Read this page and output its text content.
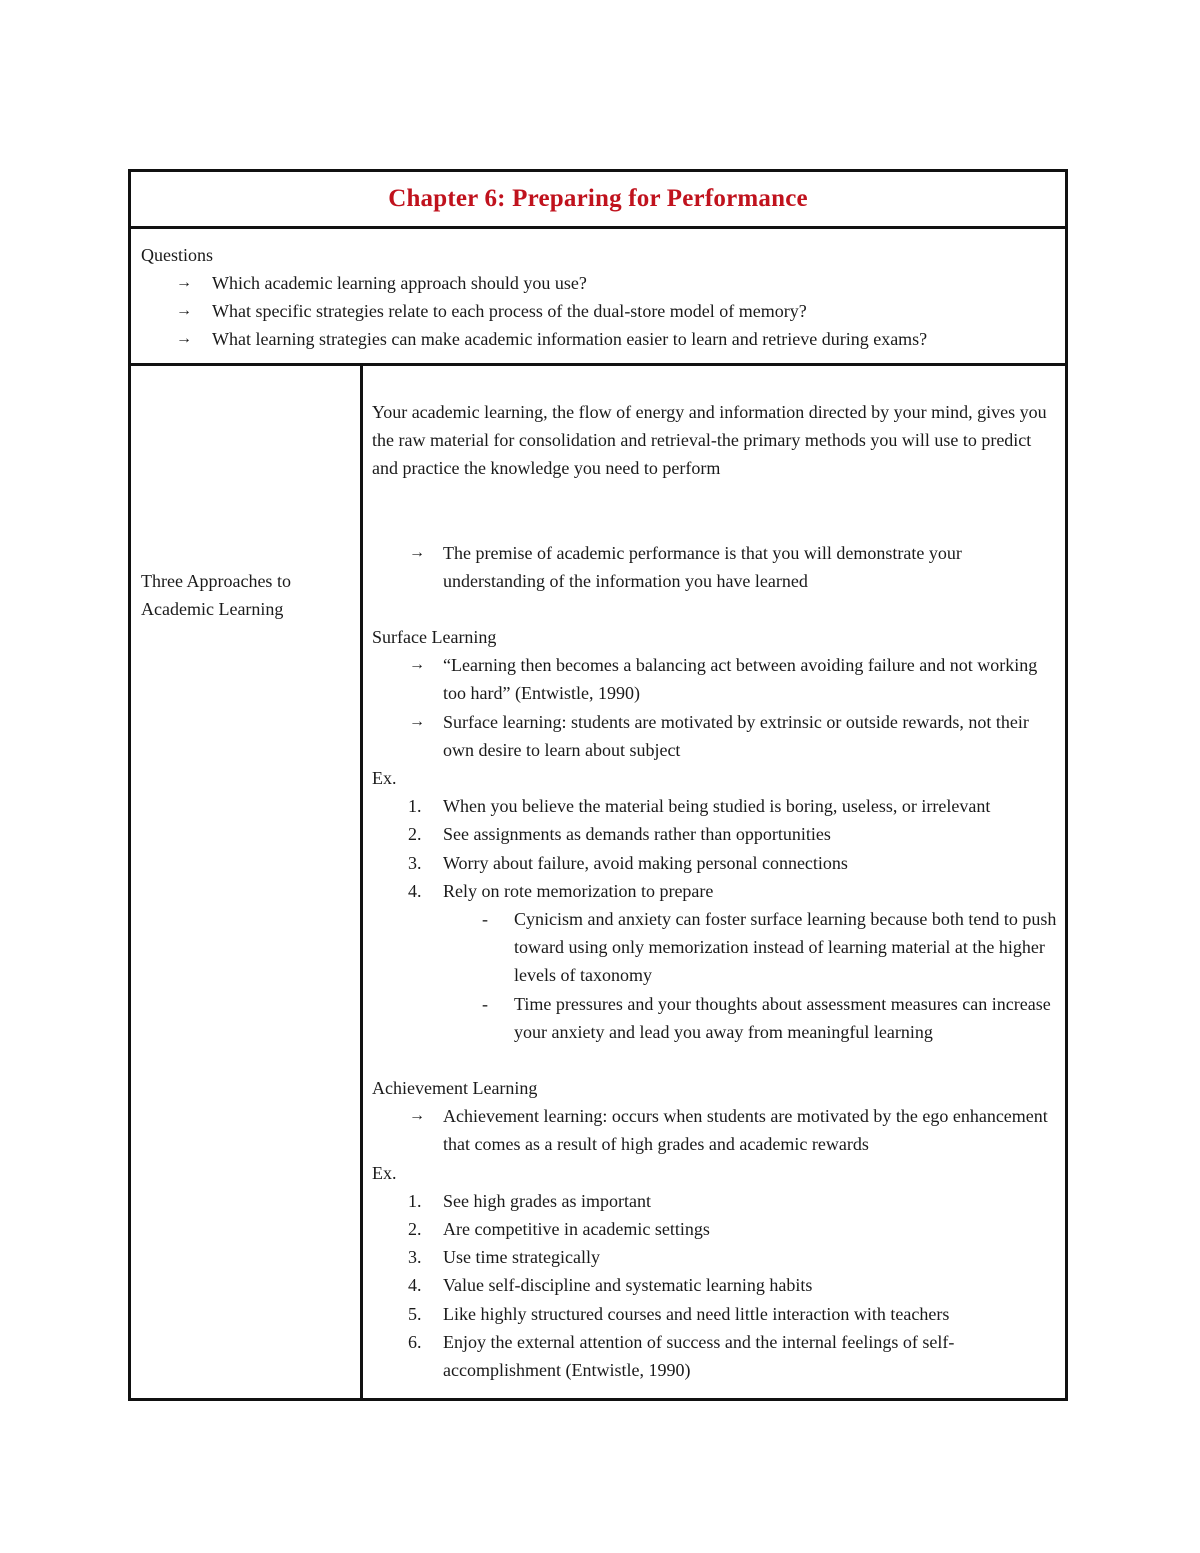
Chapter 6: Preparing for Performance
Questions
→ Which academic learning approach should you use?
→ What specific strategies relate to each process of the dual-store model of memory?
→ What learning strategies can make academic information easier to learn and retrieve during exams?
Three Approaches to Academic Learning

Your academic learning, the flow of energy and information directed by your mind, gives you the raw material for consolidation and retrieval-the primary methods you will use to predict and practice the knowledge you need to perform

→ The premise of academic performance is that you will demonstrate your understanding of the information you have learned
Surface Learning
→ “Learning then becomes a balancing act between avoiding failure and not working too hard” (Entwistle, 1990)
→ Surface learning: students are motivated by extrinsic or outside rewards, not their own desire to learn about subject
Ex.
1. When you believe the material being studied is boring, useless, or irrelevant
2. See assignments as demands rather than opportunities
3. Worry about failure, avoid making personal connections
4. Rely on rote memorization to prepare
- Cynicism and anxiety can foster surface learning because both tend to push toward using only memorization instead of learning material at the higher levels of taxonomy
- Time pressures and your thoughts about assessment measures can increase your anxiety and lead you away from meaningful learning
Achievement Learning
→ Achievement learning: occurs when students are motivated by the ego enhancement that comes as a result of high grades and academic rewards
Ex.
1. See high grades as important
2. Are competitive in academic settings
3. Use time strategically
4. Value self-discipline and systematic learning habits
5. Like highly structured courses and need little interaction with teachers
6. Enjoy the external attention of success and the internal feelings of self-accomplishment (Entwistle, 1990)
